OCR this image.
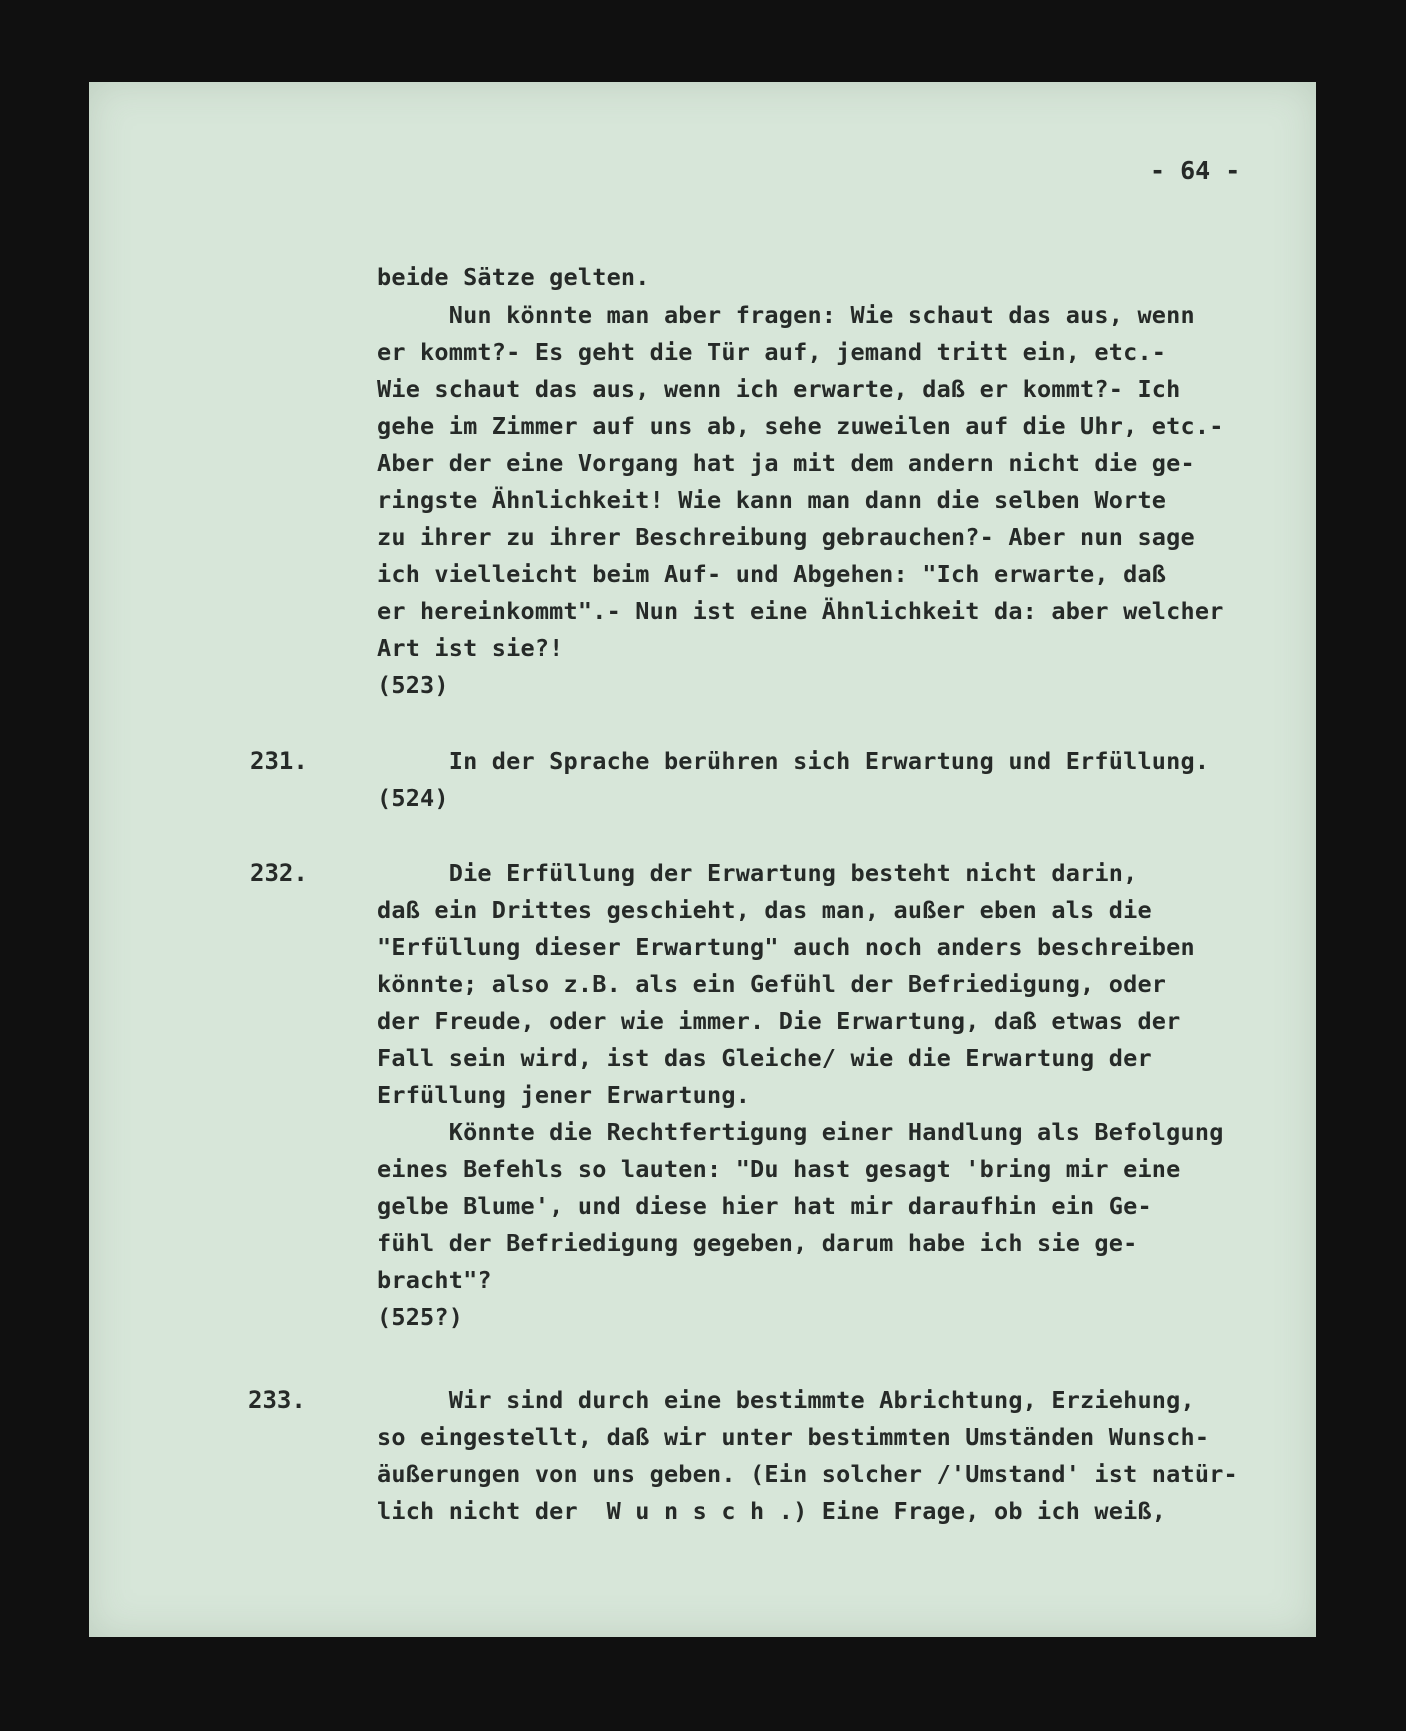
- 64 -
beide Sätze gelten.
Nun könnte man aber fragen: Wie schaut das aus, wenn
er kommt?- Es geht die Tür auf, jemand tritt ein, etc.-
Wie schaut das aus, wenn ich erwarte, daß er kommt?- Ich
gehe im Zimmer auf uns ab, sehe zuweilen auf die Uhr, etc.-
Aber der eine Vorgang hat ja mit dem andern nicht die ge-
ringste Ähnlichkeit! Wie kann man dann die selben Worte
zu ihrer zu ihrer Beschreibung gebrauchen?- Aber nun sage
ich vielleicht beim Auf- und Abgehen: "Ich erwarte, daß
er hereinkommt".- Nun ist eine Ähnlichkeit da: aber welcher
Art ist sie?!
(523)
231.	In der Sprache berühren sich Erwartung und Erfüllung.
(524)
232.	Die Erfüllung der Erwartung besteht nicht darin,
daß ein Drittes geschieht, das man, außer eben als die
"Erfüllung dieser Erwartung" auch noch anders beschreiben
könnte; also z.B. als ein Gefühl der Befriedigung, oder
der Freude, oder wie immer. Die Erwartung, daß etwas der
Fall sein wird, ist das Gleiche/ wie die Erwartung der
Erfüllung jener Erwartung.
Könnte die Rechtfertigung einer Handlung als Befolgung
eines Befehls so lauten: "Du hast gesagt 'bring mir eine
gelbe Blume', und diese hier hat mir daraufhin ein Ge-
fühl der Befriedigung gegeben, darum habe ich sie ge-
bracht"?
(525?)
233.	Wir sind durch eine bestimmte Abrichtung, Erziehung,
so eingestellt, daß wir unter bestimmten Umständen Wunsch-
äußerungen von uns geben. (Ein solcher /'Umstand' ist natür-
lich nicht der  W u n s c h .) Eine Frage, ob ich weiß,
